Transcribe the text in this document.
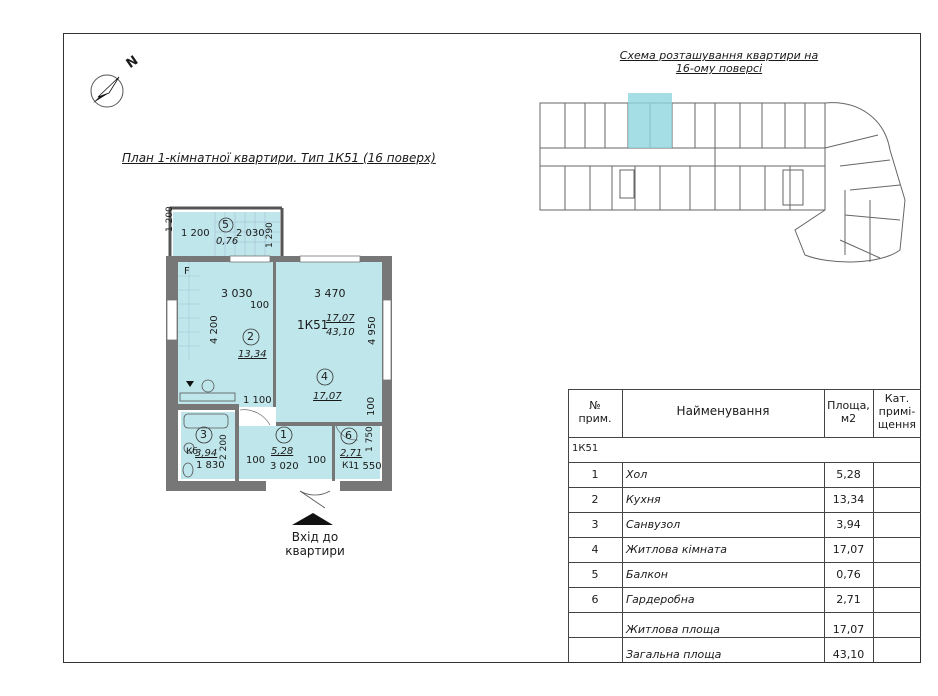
N
План 1-кімнатної квартири. Тип 1К51 (16 поверх)
Схема розташування квартири на
16-ому поверсі
Вхід до
квартири
5
0,76
1 200	2 030
1 200
1 290
F
3 030
100
4 200 2
13,34
3 470
1К51
17,07
43,10 4 950
4
17,07
100
1 100
1
5,28
100	100
3 020
3
Кб
3,94
1 830
2 200	6
2,71
К1
1 550
1 750
№
прим.
Найменування	Площа,
м2
Кат.
примі-
щення
1К51
1	Хол	5,28
2	Кухня	13,34
3	Санвузол	3,94
4	Житлова кімната	17,07
5	Балкон	0,76
6	Гардеробна	2,71
Житлова площа	17,07
Загальна площа	43,10
